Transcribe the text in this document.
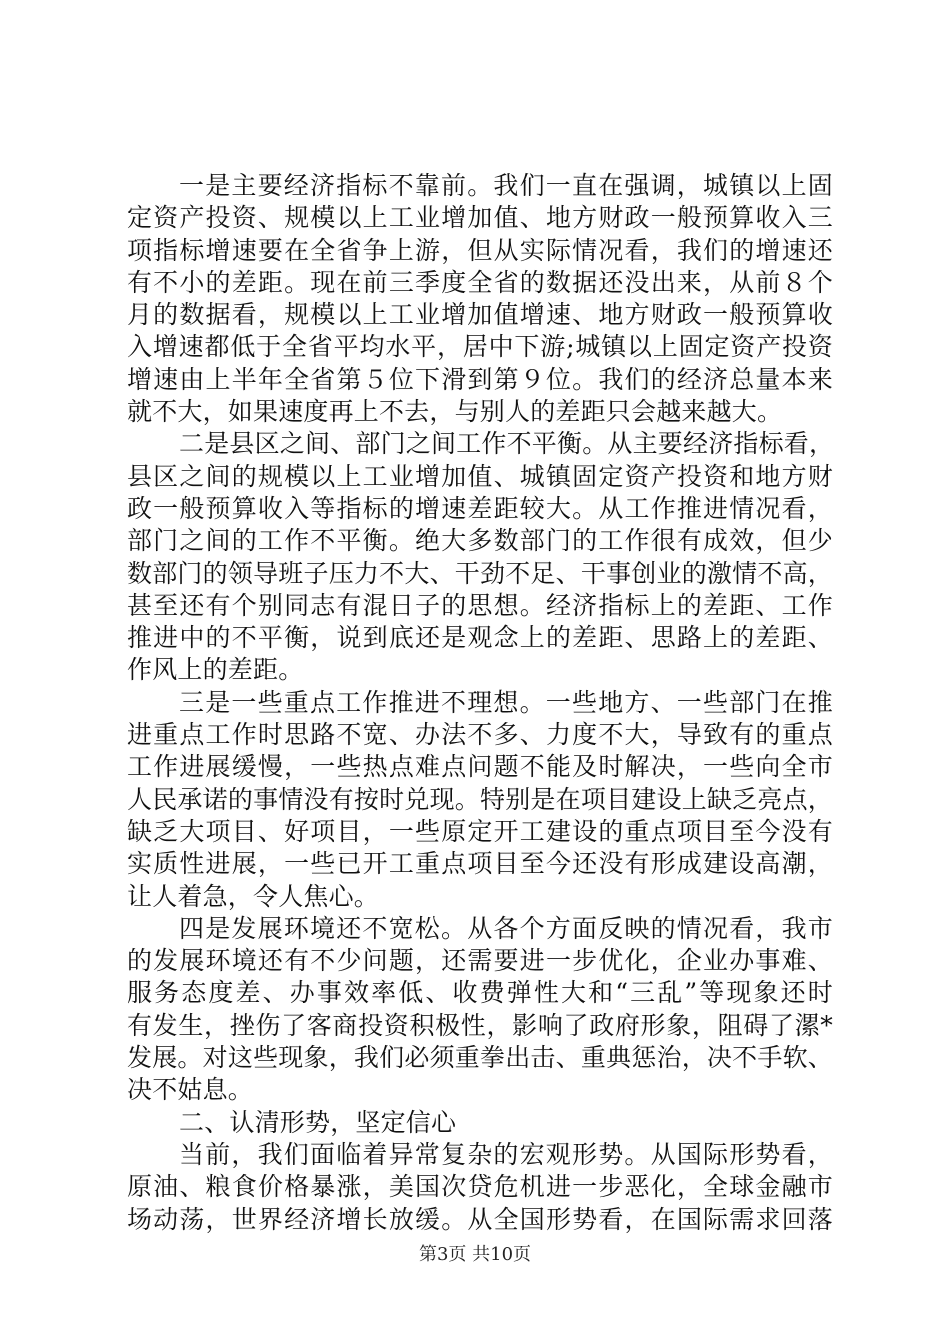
一是主要经济指标不靠前。我们一直在强调，城镇以上固
定资产投资、规模以上工业增加值、地方财政一般预算收入三
项指标增速要在全省争上游，但从实际情况看，我们的增速还
有不小的差距。现在前三季度全省的数据还没出来，从前８个
月的数据看，规模以上工业增加值增速、地方财政一般预算收
入增速都低于全省平均水平，居中下游;城镇以上固定资产投资
增速由上半年全省第５位下滑到第９位。我们的经济总量本来
就不大，如果速度再上不去，与别人的差距只会越来越大。
二是县区之间、部门之间工作不平衡。从主要经济指标看，
县区之间的规模以上工业增加值、城镇固定资产投资和地方财
政一般预算收入等指标的增速差距较大。从工作推进情况看，
部门之间的工作不平衡。绝大多数部门的工作很有成效，但少
数部门的领导班子压力不大、干劲不足、干事创业的激情不高，
甚至还有个别同志有混日子的思想。经济指标上的差距、工作
推进中的不平衡，说到底还是观念上的差距、思路上的差距、
作风上的差距。
三是一些重点工作推进不理想。一些地方、一些部门在推
进重点工作时思路不宽、办法不多、力度不大，导致有的重点
工作进展缓慢，一些热点难点问题不能及时解决，一些向全市
人民承诺的事情没有按时兑现。特别是在项目建设上缺乏亮点，
缺乏大项目、好项目，一些原定开工建设的重点项目至今没有
实质性进展，一些已开工重点项目至今还没有形成建设高潮，
让人着急，令人焦心。
四是发展环境还不宽松。从各个方面反映的情况看，我市
的发展环境还有不少问题，还需要进一步优化，企业办事难、
服务态度差、办事效率低、收费弹性大和“三乱”等现象还时
有发生，挫伤了客商投资积极性，影响了政府形象，阻碍了漯*
发展。对这些现象，我们必须重拳出击、重典惩治，决不手软、
决不姑息。
二、认清形势，坚定信心
当前，我们面临着异常复杂的宏观形势。从国际形势看，
原油、粮食价格暴涨，美国次贷危机进一步恶化，全球金融市
场动荡，世界经济增长放缓。从全国形势看，在国际需求回落
第3页 共10页
